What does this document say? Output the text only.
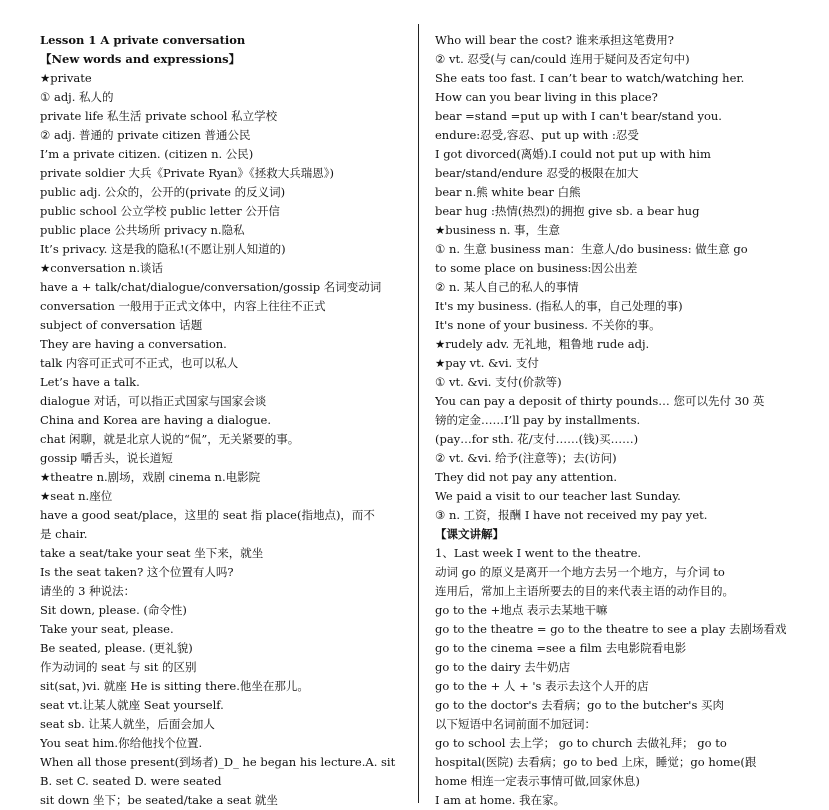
Lesson 1 A private conversation
【New words and expressions】
★private
① adj. 私人的
private life 私生活 private school 私立学校
② adj. 普通的 private citizen 普通公民
I’m a private citizen. (citizen n. 公民)
private soldier 大兵《Private Ryan》《拯救大兵瑞恩》)
public adj. 公众的，公开的(private 的反义词)
public school 公立学校 public letter 公开信
public place 公共场所 privacy n.隐私
It’s privacy. 这是我的隐私!(不愿让别人知道的)
★conversation n.谈话
have a + talk/chat/dialogue/conversation/gossip 名词变动词
conversation 一般用于正式文体中，内容上往往不正式
subject of conversation 话题
They are having a conversation.
talk 内容可正式可不正式，也可以私人
Let’s have a talk.
dialogue 对话，可以指正式国家与国家会谈
China and Korea are having a dialogue.
chat 闲聊，就是北京人说的“侃”，无关紧要的事。
gossip 嚼舌头，说长道短
★theatre n.剧场，戏剧 cinema n.电影院
★seat n.座位
have a good seat/place，这里的 seat 指 place(指地点)，而不
是 chair.
take a seat/take your seat 坐下来，就坐
Is the seat taken? 这个位置有人吗?
请坐的 3 种说法：
Sit down, please. (命令性)
Take your seat, please.
Be seated, please. (更礼貌)
作为动词的 seat 与 sit 的区别
sit(sat，)vi. 就座 He is sitting there.他坐在那儿。
seat vt.让某人就座 Seat yourself.
seat sb. 让某人就坐，后面会加人
You seat him.你给他找个位置.
When all those present(到场者)_D_ he began his lecture.A. sit
B. set C. seated D. were seated
sit down 坐下；be seated/take a seat 就坐
Who will bear the cost? 谁来承担这笔费用?
② vt. 忍受(与 can/could 连用于疑问及否定句中)
She eats too fast. I can’t bear to watch/watching her.
How can you bear living in this place?
bear =stand =put up with I can't bear/stand you.
endure:忍受,容忍、put up with :忍受
I got divorced(离婚).I could not put up with him
bear/stand/endure 忍受的极限在加大
bear n.熊 white bear 白熊
bear hug :热情(热烈)的拥抱 give sb. a bear hug
★business n. 事，生意
① n. 生意 business man：生意人/do business: 做生意 go
to some place on business:因公出差
② n. 某人自己的私人的事情
It's my business. (指私人的事，自己处理的事)
It's none of your business. 不关你的事。
★rudely adv. 无礼地，粗鲁地 rude adj.
★pay vt. &vi. 支付
① vt. &vi. 支付(价款等)
You can pay a deposit of thirty pounds… 您可以先付 30 英
镑的定金……I’ll pay by installments.
(pay…for sth. 花/支付……(钱)买……)
② vt. &vi. 给予(注意等)；去(访问)
They did not pay any attention.
We paid a visit to our teacher last Sunday.
③ n. 工资，报酬 I have not received my pay yet.
【课文讲解】
1、Last week I went to the theatre.
动词 go 的原义是离开一个地方去另一个地方，与介词 to
连用后，常加上主语所要去的目的来代表主语的动作目的。
go to the +地点 表示去某地干嘛
go to the theatre = go to the theatre to see a play 去剧场看戏
go to the cinema =see a film 去电影院看电影
go to the dairy 去牛奶店
go to the + 人 + 's 表示去这个人开的店
go to the doctor's 去看病；go to the butcher's 买肉
以下短语中名词前面不加冠词：
go to school 去上学； go to church 去做礼拜； go to
hospital(医院) 去看病；go to bed 上床，睡觉；go home(跟
home 相连一定表示事情可做,回家休息)
I am at home. 我在家。
